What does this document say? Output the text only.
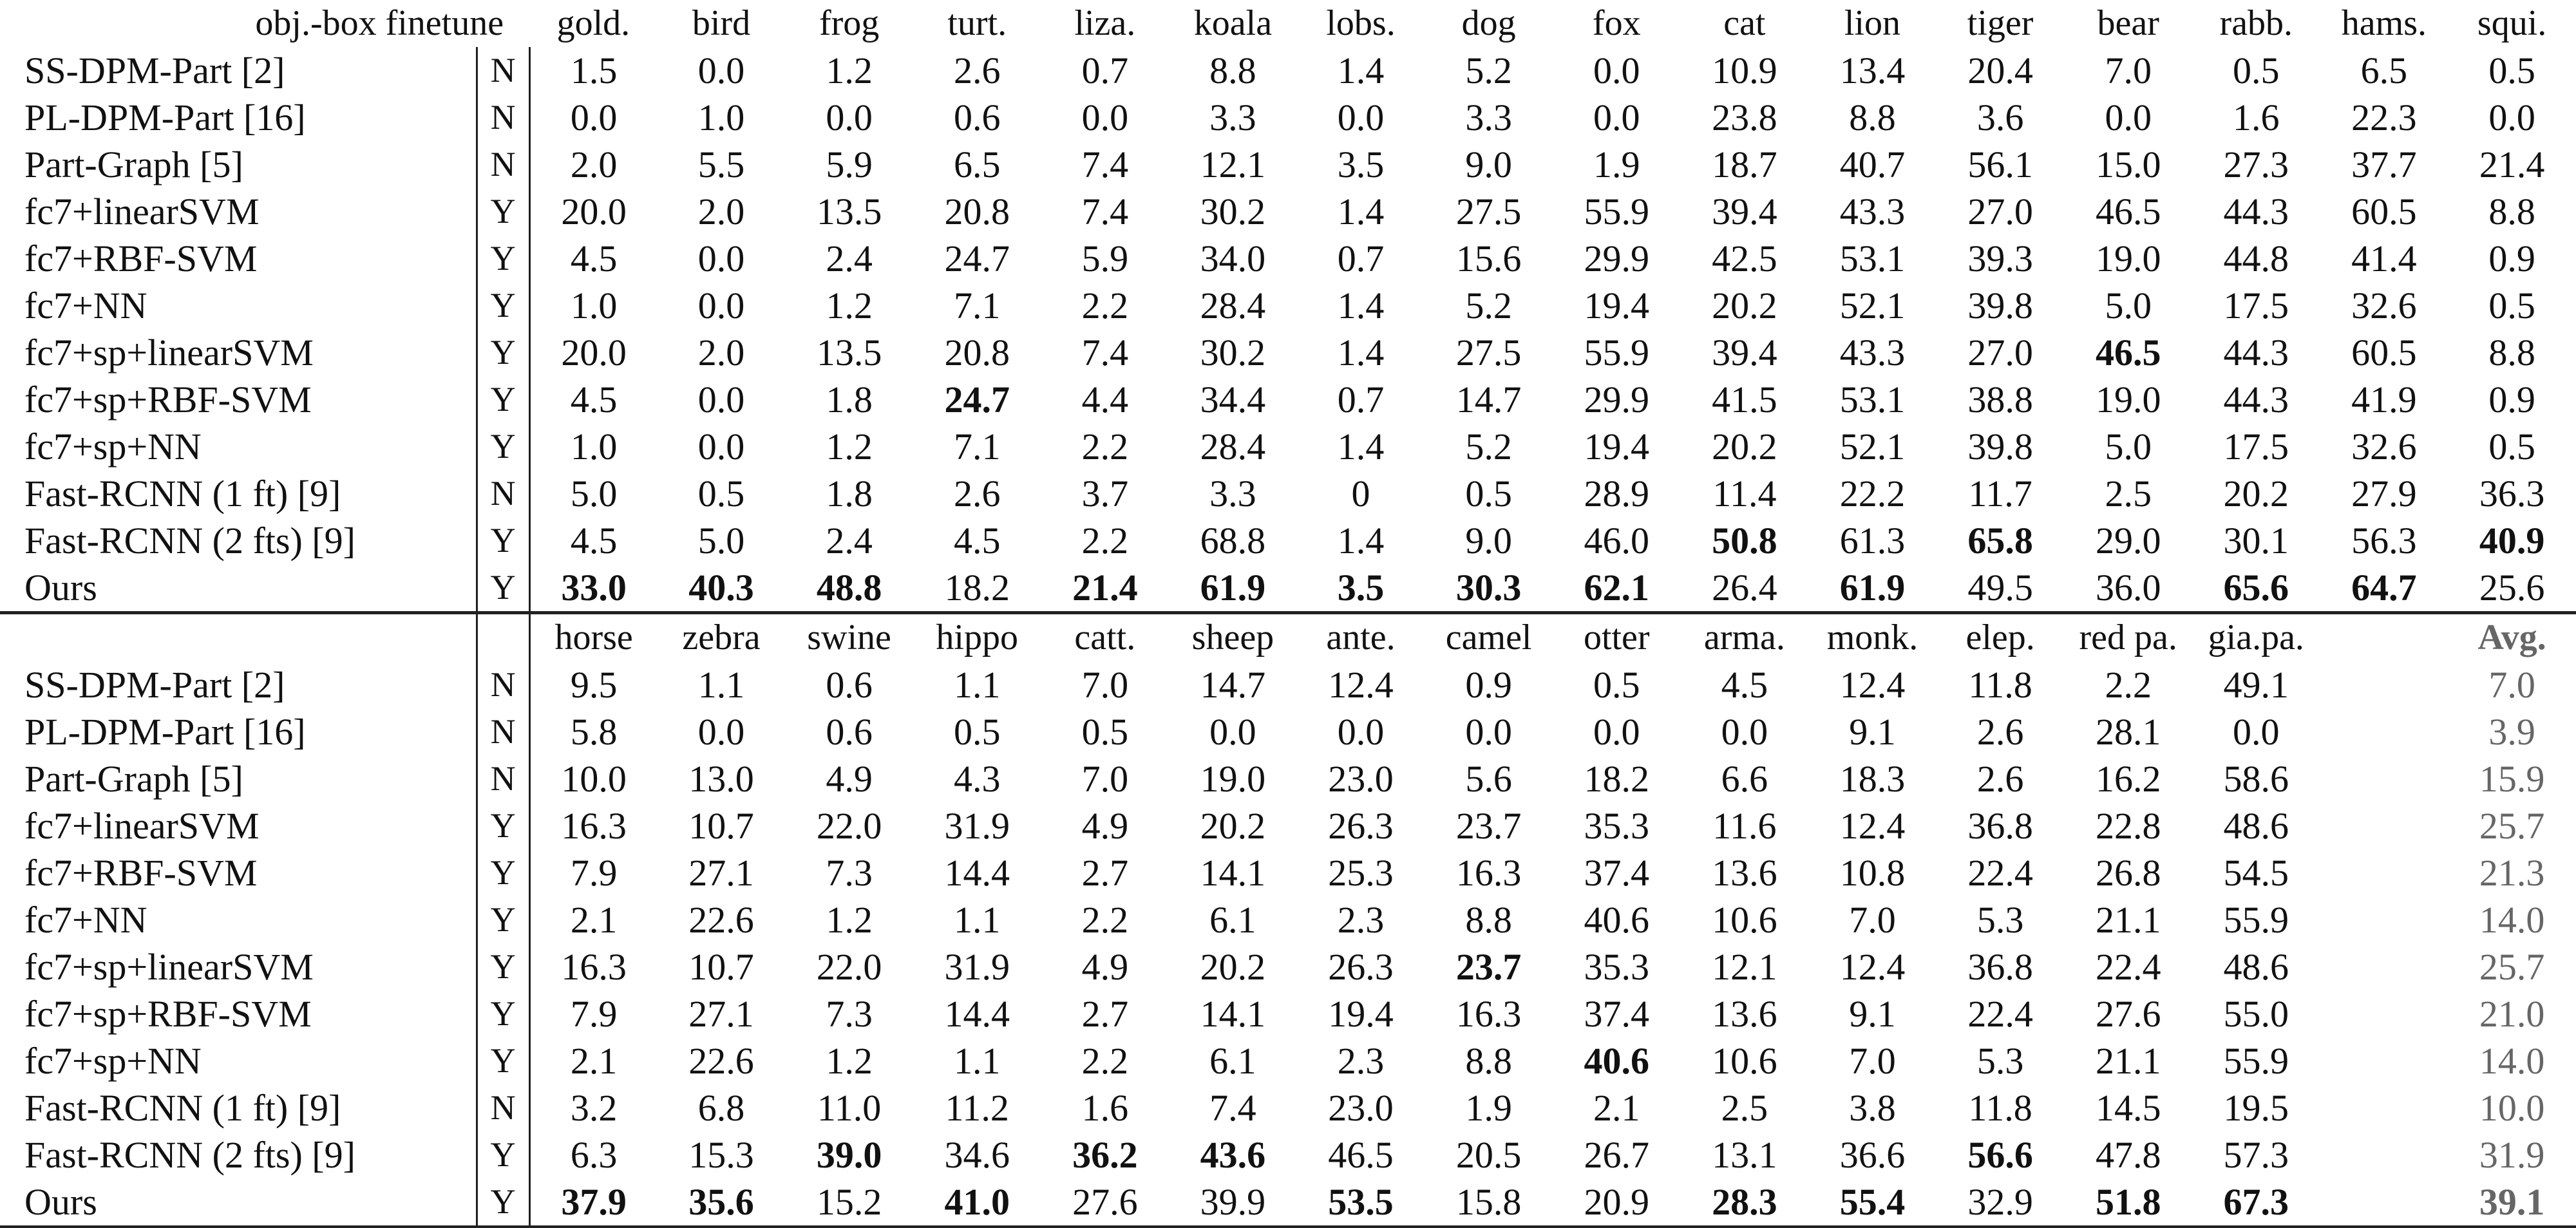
obj.-box finetune		gold.	bird	frog	turt.	liza.	koala	lobs.	dog	fox	cat	lion	tiger	bear	rabb.	hams.	squi.
SS-DPM-Part [2]	N	1.5	0.0	1.2	2.6	0.7	8.8	1.4	5.2	0.0	10.9	13.4	20.4	7.0	0.5	6.5	0.5
PL-DPM-Part [16]	N	0.0	1.0	0.0	0.6	0.0	3.3	0.0	3.3	0.0	23.8	8.8	3.6	0.0	1.6	22.3	0.0
Part-Graph [5]	N	2.0	5.5	5.9	6.5	7.4	12.1	3.5	9.0	1.9	18.7	40.7	56.1	15.0	27.3	37.7	21.4
fc7+linearSVM	Y	20.0	2.0	13.5	20.8	7.4	30.2	1.4	27.5	55.9	39.4	43.3	27.0	46.5	44.3	60.5	8.8
fc7+RBF-SVM	Y	4.5	0.0	2.4	24.7	5.9	34.0	0.7	15.6	29.9	42.5	53.1	39.3	19.0	44.8	41.4	0.9
fc7+NN	Y	1.0	0.0	1.2	7.1	2.2	28.4	1.4	5.2	19.4	20.2	52.1	39.8	5.0	17.5	32.6	0.5
fc7+sp+linearSVM	Y	20.0	2.0	13.5	20.8	7.4	30.2	1.4	27.5	55.9	39.4	43.3	27.0	46.5	44.3	60.5	8.8
fc7+sp+RBF-SVM	Y	4.5	0.0	1.8	24.7	4.4	34.4	0.7	14.7	29.9	41.5	53.1	38.8	19.0	44.3	41.9	0.9
fc7+sp+NN	Y	1.0	0.0	1.2	7.1	2.2	28.4	1.4	5.2	19.4	20.2	52.1	39.8	5.0	17.5	32.6	0.5
Fast-RCNN (1 ft) [9]	N	5.0	0.5	1.8	2.6	3.7	3.3	0	0.5	28.9	11.4	22.2	11.7	2.5	20.2	27.9	36.3
Fast-RCNN (2 fts) [9]	Y	4.5	5.0	2.4	4.5	2.2	68.8	1.4	9.0	46.0	50.8	61.3	65.8	29.0	30.1	56.3	40.9
Ours	Y	33.0	40.3	48.8	18.2	21.4	61.9	3.5	30.3	62.1	26.4	61.9	49.5	36.0	65.6	64.7	25.6
		horse	zebra	swine	hippo	catt.	sheep	ante.	camel	otter	arma.	monk.	elep.	red pa.	gia.pa.		Avg.
SS-DPM-Part [2]	N	9.5	1.1	0.6	1.1	7.0	14.7	12.4	0.9	0.5	4.5	12.4	11.8	2.2	49.1		7.0
PL-DPM-Part [16]	N	5.8	0.0	0.6	0.5	0.5	0.0	0.0	0.0	0.0	0.0	9.1	2.6	28.1	0.0		3.9
Part-Graph [5]	N	10.0	13.0	4.9	4.3	7.0	19.0	23.0	5.6	18.2	6.6	18.3	2.6	16.2	58.6		15.9
fc7+linearSVM	Y	16.3	10.7	22.0	31.9	4.9	20.2	26.3	23.7	35.3	11.6	12.4	36.8	22.8	48.6		25.7
fc7+RBF-SVM	Y	7.9	27.1	7.3	14.4	2.7	14.1	25.3	16.3	37.4	13.6	10.8	22.4	26.8	54.5		21.3
fc7+NN	Y	2.1	22.6	1.2	1.1	2.2	6.1	2.3	8.8	40.6	10.6	7.0	5.3	21.1	55.9		14.0
fc7+sp+linearSVM	Y	16.3	10.7	22.0	31.9	4.9	20.2	26.3	23.7	35.3	12.1	12.4	36.8	22.4	48.6		25.7
fc7+sp+RBF-SVM	Y	7.9	27.1	7.3	14.4	2.7	14.1	19.4	16.3	37.4	13.6	9.1	22.4	27.6	55.0		21.0
fc7+sp+NN	Y	2.1	22.6	1.2	1.1	2.2	6.1	2.3	8.8	40.6	10.6	7.0	5.3	21.1	55.9		14.0
Fast-RCNN (1 ft) [9]	N	3.2	6.8	11.0	11.2	1.6	7.4	23.0	1.9	2.1	2.5	3.8	11.8	14.5	19.5		10.0
Fast-RCNN (2 fts) [9]	Y	6.3	15.3	39.0	34.6	36.2	43.6	46.5	20.5	26.7	13.1	36.6	56.6	47.8	57.3		31.9
Ours	Y	37.9	35.6	15.2	41.0	27.6	39.9	53.5	15.8	20.9	28.3	55.4	32.9	51.8	67.3		39.1
